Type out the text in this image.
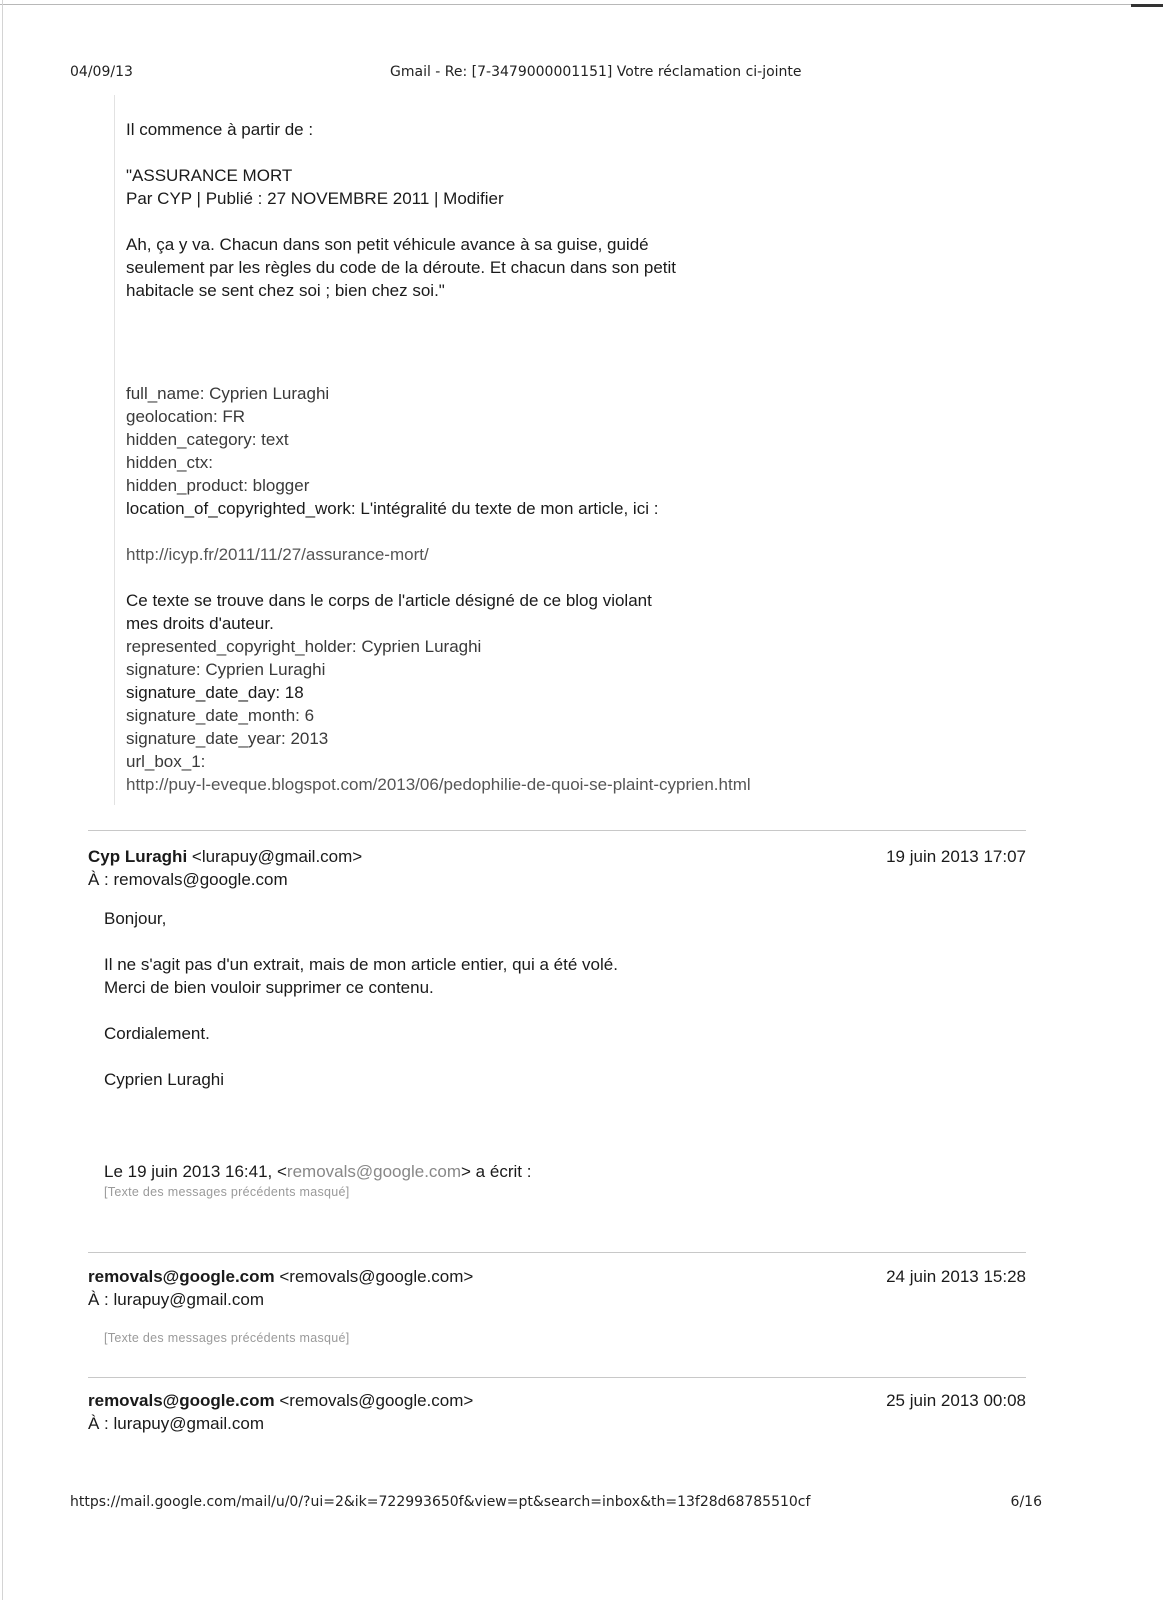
04/09/13	Gmail - Re: [7-3479000001151] Votre réclamation ci-jointe

Il commence à partir de :

"ASSURANCE MORT

Par CYP | Publié : 27 NOVEMBRE 2011 | Modifier

Ah, ça y va. Chacun dans son petit véhicule avance à sa guise, guidé

seulement par les règles du code de la déroute. Et chacun dans son petit

habitacle se sent chez soi ; bien chez soi."

full_name: Cyprien Luraghi

geolocation: FR

hidden_category: text

hidden_ctx:

hidden_product: blogger

location_of_copyrighted_work: L'intégralité du texte de mon article, ici :

http://icyp.fr/2011/11/27/assurance-mort/

Ce texte se trouve dans le corps de l'article désigné de ce blog violant

mes droits d'auteur.

represented_copyright_holder: Cyprien Luraghi

signature: Cyprien Luraghi

signature_date_day: 18

signature_date_month: 6

signature_date_year: 2013

url_box_1:

http://puy-l-eveque.blogspot.com/2013/06/pedophilie-de-quoi-se-plaint-cyprien.html

Cyp Luraghi <lurapuy@gmail.com>	19 juin 2013 17:07
À : removals@google.com

Bonjour,

Il ne s'agit pas d'un extrait, mais de mon article entier, qui a été volé.

Merci de bien vouloir supprimer ce contenu.

Cordialement.

Cyprien Luraghi

Le 19 juin 2013 16:41, <removals@google.com> a écrit :

[Texte des messages précédents masqué]

removals@google.com <removals@google.com>	24 juin 2013 15:28
À : lurapuy@gmail.com

[Texte des messages précédents masqué]

removals@google.com <removals@google.com>	25 juin 2013 00:08
À : lurapuy@gmail.com
https://mail.google.com/mail/u/0/?ui=2&ik=722993650f&view=pt&search=inbox&th=13f28d68785510cf	6/16
